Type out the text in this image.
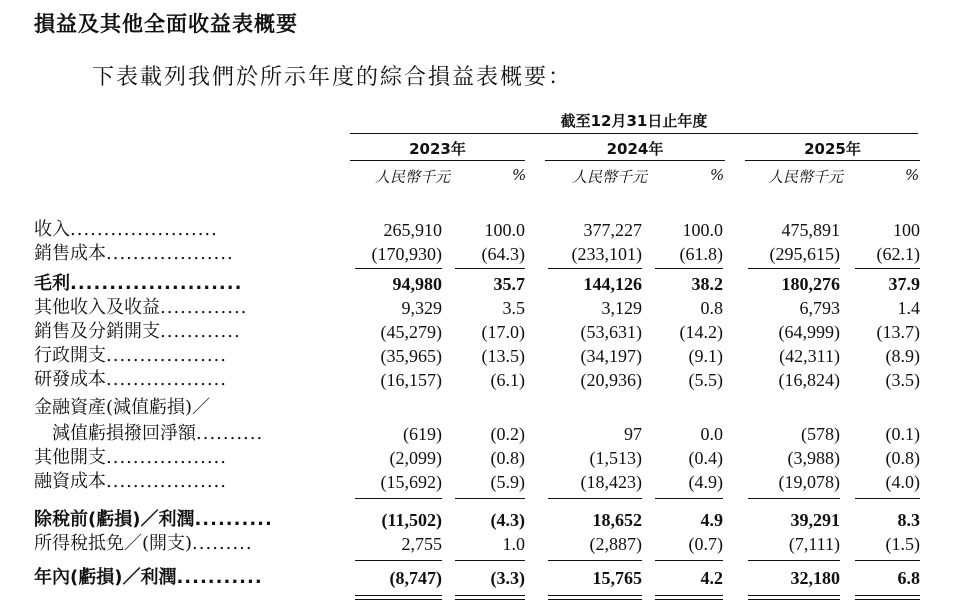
損益及其他全面收益表概要
下表載列我們於所示年度的綜合損益表概要：
截至12月31日止年度
2023年	2024年	2025年
人民幣千元	%	人民幣千元	%	人民幣千元	%
收入......................	265,910 100.0	377,227 100.0	475,891	100
銷售成本...................	(170,930) (64.3)	(233,101) (61.8)	(295,615) (62.1)
毛利......................	94,980	35.7	144,126	38.2	180,276	37.9
其他收入及收益.............	9,329	3.5	3,129	0.8	6,793	1.4
銷售及分銷開支............	(45,279) (17.0)	(53,631) (14.2)	(64,999) (13.7)
行政開支..................	(35,965) (13.5)	(34,197)	(9.1)	(42,311)	(8.9)
研發成本..................	(16,157)	(6.1)	(20,936)	(5.5)	(16,824)	(3.5)
金融資產(減值虧損)／
減值虧損撥回淨額..........	(619)	(0.2)	97	0.0	(578)	(0.1)
其他開支..................	(2,099)	(0.8)	(1,513)	(0.4)	(3,988)	(0.8)
融資成本..................	(15,692)	(5.9)	(18,423)	(4.9)	(19,078)	(4.0)
除稅前(虧損)／利潤..........	(11,502)	(4.3)	18,652	4.9	39,291	8.3
所得稅抵免／(開支).........	2,755	1.0	(2,887)	(0.7)	(7,111)	(1.5)
年內(虧損)／利潤...........	(8,747)	(3.3)	15,765	4.2	32,180	6.8
